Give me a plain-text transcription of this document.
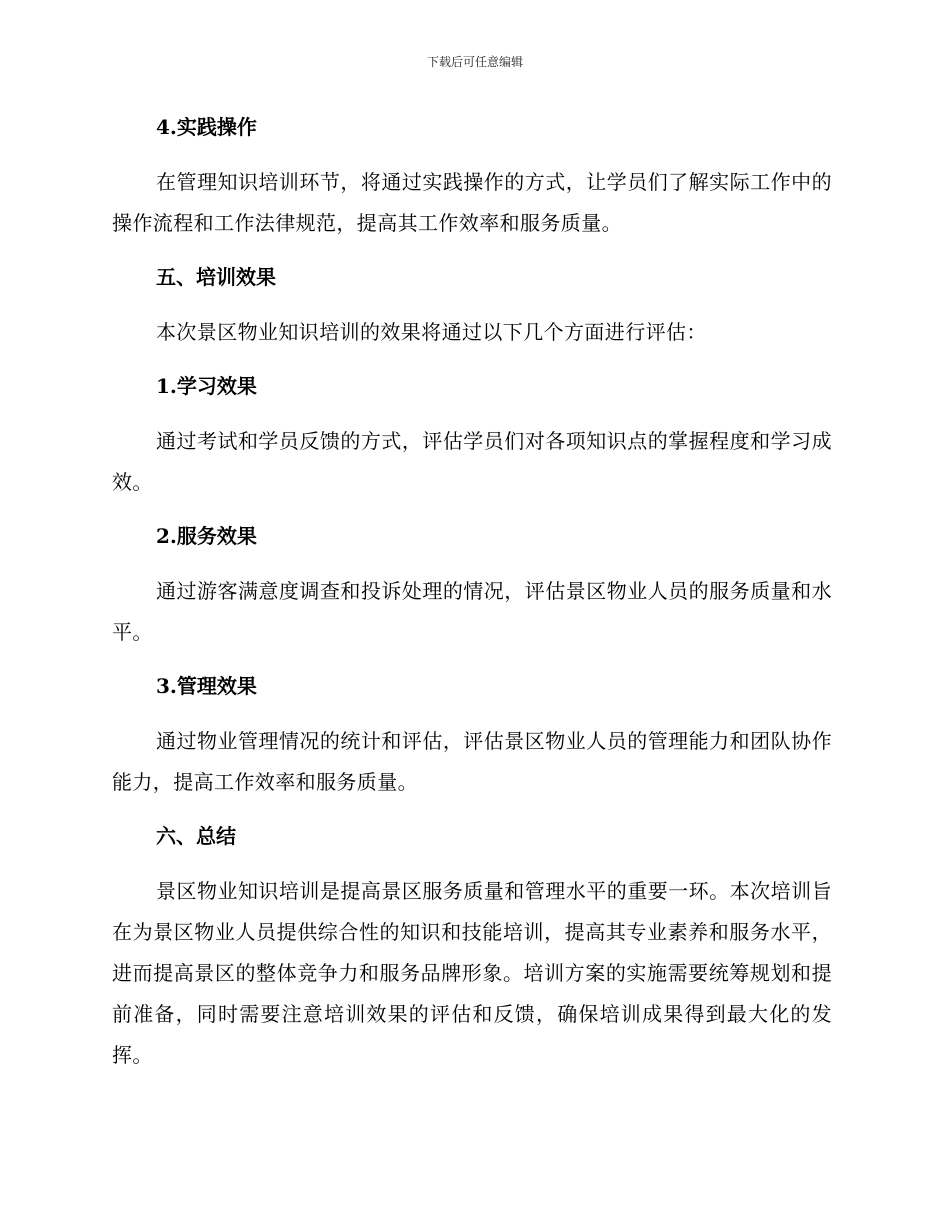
下载后可任意编辑
4.实践操作

在管理知识培训环节，将通过实践操作的方式，让学员们了解实际工作中的操作流程和工作法律规范，提高其工作效率和服务质量。

五、培训效果

本次景区物业知识培训的效果将通过以下几个方面进行评估：

1.学习效果

通过考试和学员反馈的方式，评估学员们对各项知识点的掌握程度和学习成效。

2.服务效果

通过游客满意度调查和投诉处理的情况，评估景区物业人员的服务质量和水平。

3.管理效果

通过物业管理情况的统计和评估，评估景区物业人员的管理能力和团队协作能力，提高工作效率和服务质量。

六、总结

景区物业知识培训是提高景区服务质量和管理水平的重要一环。本次培训旨在为景区物业人员提供综合性的知识和技能培训，提高其专业素养和服务水平，进而提高景区的整体竞争力和服务品牌形象。培训方案的实施需要统筹规划和提前准备，同时需要注意培训效果的评估和反馈，确保培训成果得到最大化的发挥。
